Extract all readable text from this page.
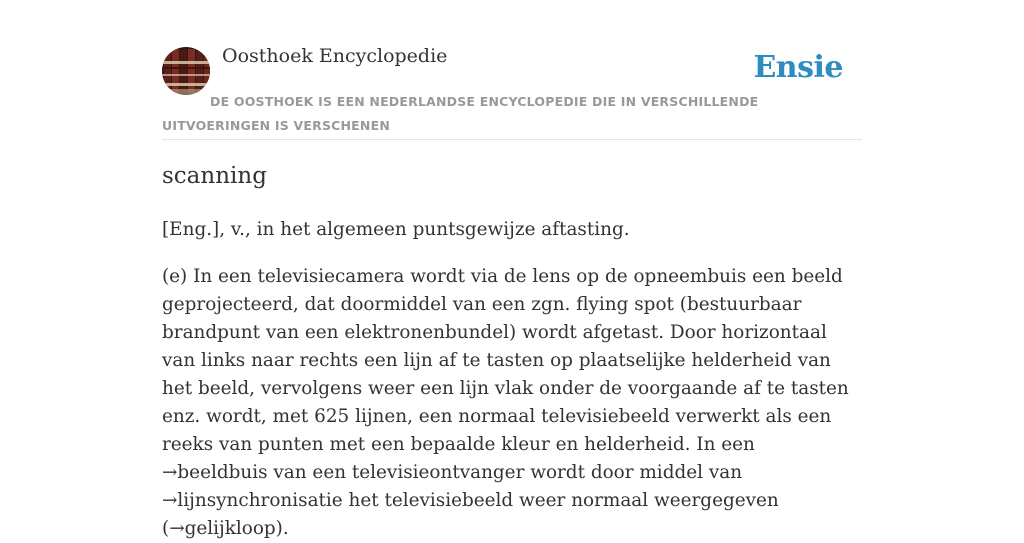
Oosthoek Encyclopedie	Ensie
DE OOSTHOEK IS EEN NEDERLANDSE ENCYCLOPEDIE DIE IN VERSCHILLENDE UITVOERINGEN IS VERSCHENEN
scanning

[Eng.], v., in het algemeen puntsgewijze aftasting.

(e) In een televisiecamera wordt via de lens op de opneembuis een beeld geprojecteerd, dat doormiddel van een zgn. flying spot (bestuurbaar brandpunt van een elektronenbundel) wordt afgetast. Door horizontaal van links naar rechts een lijn af te tasten op plaatselijke helderheid van het beeld, vervolgens weer een lijn vlak onder de voorgaande af te tasten enz. wordt, met 625 lijnen, een normaal televisiebeeld verwerkt als een reeks van punten met een bepaalde kleur en helderheid. In een →beeldbuis van een televisieontvanger wordt door middel van →lijnsynchronisatie het televisiebeeld weer normaal weergegeven (→gelijkloop).
